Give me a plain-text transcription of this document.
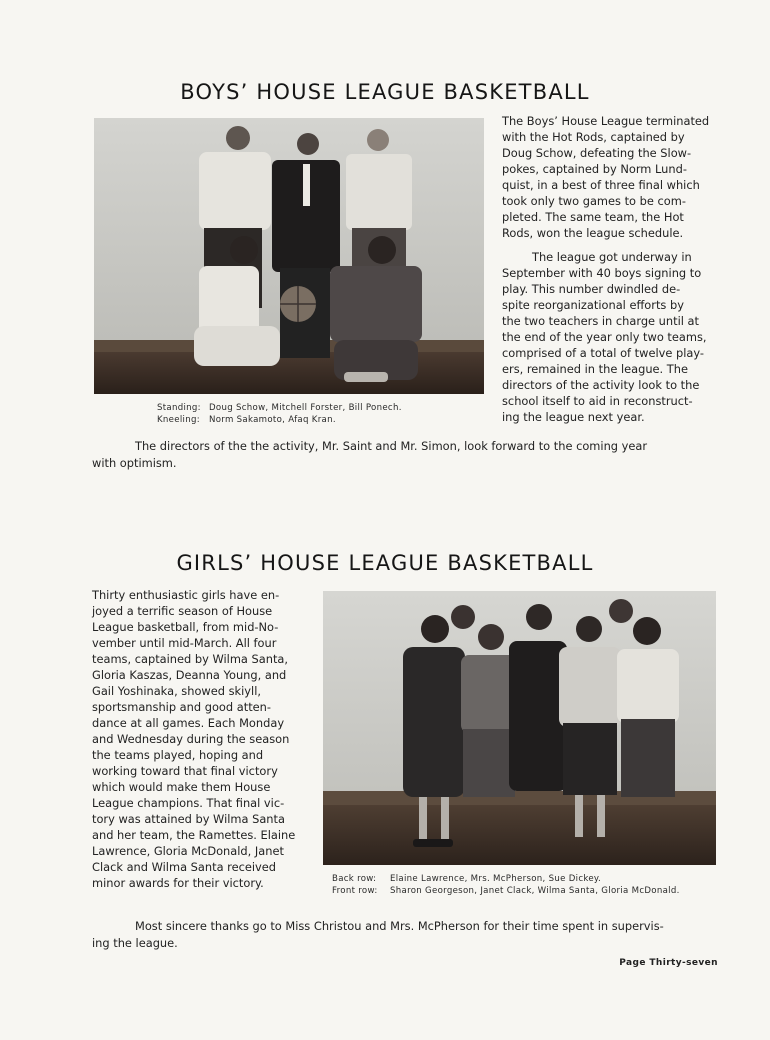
BOYS’ HOUSE LEAGUE BASKETBALL
Standing: Doug Schow, Mitchell Forster, Bill Ponech.
Kneeling: Norm Sakamoto, Afaq Kran.
The Boys’ House League terminated
with the Hot Rods, captained by
Doug Schow, defeating the Slow-
pokes, captained by Norm Lund-
quist, in a best of three final which
took only two games to be com-
pleted. The same team, the Hot
Rods, won the league schedule.
The league got underway in
September with 40 boys signing to
play. This number dwindled de-
spite reorganizational efforts by
the two teachers in charge until at
the end of the year only two teams,
comprised of a total of twelve play-
ers, remained in the league. The
directors of the activity look to the
school itself to aid in reconstruct-
ing the league next year.
The directors of the the activity, Mr. Saint and Mr. Simon, look forward to the coming year
with optimism.
GIRLS’ HOUSE LEAGUE BASKETBALL
Thirty enthusiastic girls have en-
joyed a terrific season of House
League basketball, from mid-No-
vember until mid-March. All four
teams, captained by Wilma Santa,
Gloria Kaszas, Deanna Young, and
Gail Yoshinaka, showed skiyll,
sportsmanship and good atten-
dance at all games. Each Monday
and Wednesday during the season
the teams played, hoping and
working toward that final victory
which would make them House
League champions. That final vic-
tory was attained by Wilma Santa
and her team, the Ramettes. Elaine
Lawrence, Gloria McDonald, Janet
Clack and Wilma Santa received
minor awards for their victory.	Back row: Elaine Lawrence, Mrs. McPherson, Sue Dickey.
Front row: Sharon Georgeson, Janet Clack, Wilma Santa, Gloria McDonald.
Most sincere thanks go to Miss Christou and Mrs. McPherson for their time spent in supervis-
ing the league.
Page Thirty-seven
